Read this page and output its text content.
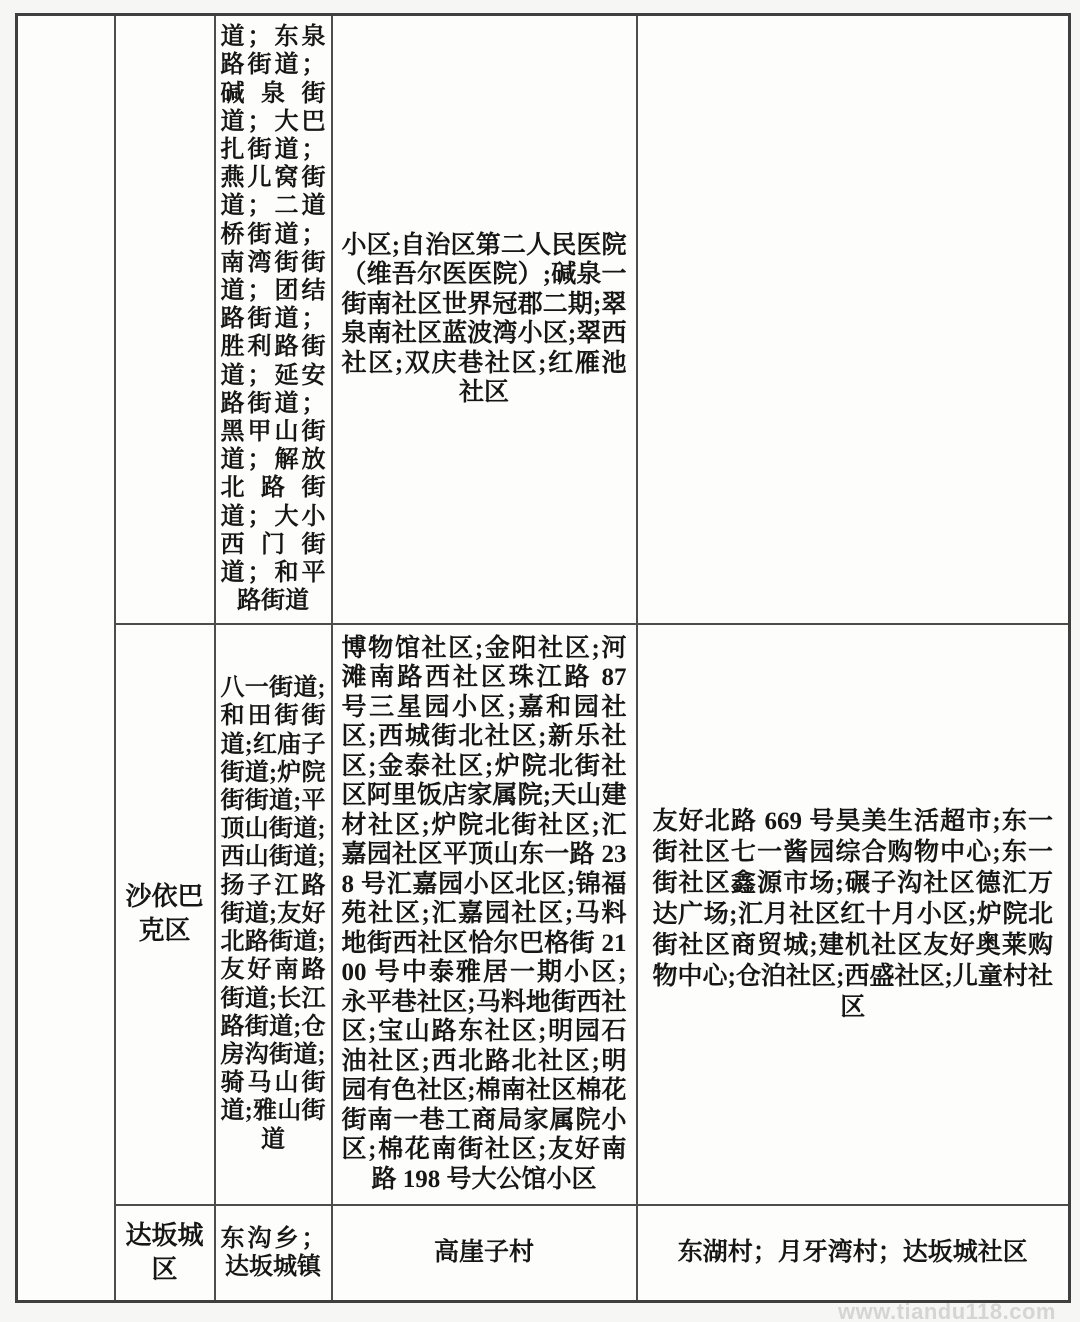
		道；东泉路街道；碱泉街道；大巴扎街道；燕儿窝街道；二道桥街道；南湾街街道；团结路街道；胜利路街道；延安路街道；黑甲山街道；解放北路街道；大小西门街道；和平路街道	小区;自治区第二人民医院（维吾尔医医院）;碱泉一街南社区世界冠郡二期;翠泉南社区蓝波湾小区;翠西社区;双庆巷社区;红雁池社区	
	沙依巴克区	八一街道;和田街街道;红庙子街道;炉院街街道;平顶山街道;西山街道;扬子江路街道;友好北路街道;友好南路街道;长江路街道;仓房沟街道;骑马山街道;雅山街道	博物馆社区;金阳社区;河滩南路西社区珠江路 87 号三星园小区;嘉和园社区;西城街北社区;新乐社区;金泰社区;炉院北街社区阿里饭店家属院;天山建材社区;炉院北街社区;汇嘉园社区平顶山东一路 238 号汇嘉园小区北区;锦福苑社区;汇嘉园社区;马料地街西社区恰尔巴格街 2100 号中泰雅居一期小区;永平巷社区;马料地街西社区;宝山路东社区;明园石油社区;西北路北社区;明园有色社区;棉南社区棉花街南一巷工商局家属院小区;棉花南街社区;友好南路 198 号大公馆小区	友好北路 669 号昊美生活超市;东一街社区七一酱园综合购物中心;东一街社区鑫源市场;碾子沟社区德汇万达广场;汇月社区红十月小区;炉院北街社区商贸城;建机社区友好奥莱购物中心;仓泊社区;西盛社区;儿童村社区
	达坂城区	东沟乡；达坂城镇	高崖子村	东湖村；月牙湾村；达坂城社区
www.tiandu118.com
